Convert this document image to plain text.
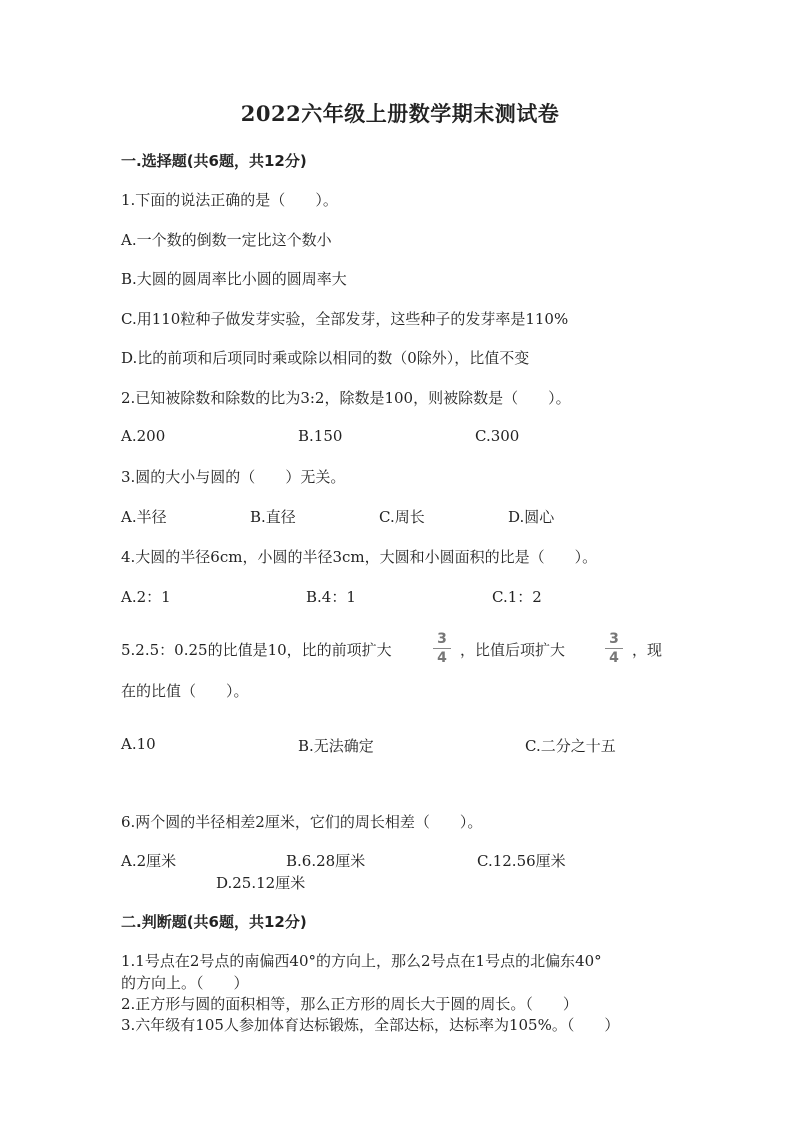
2022六年级上册数学期末测试卷
一.选择题(共6题，共12分)
1.下面的说法正确的是（　　）。
A.一个数的倒数一定比这个数小
B.大圆的圆周率比小圆的圆周率大
C.用110粒种子做发芽实验，全部发芽，这些种子的发芽率是110%
D.比的前项和后项同时乘或除以相同的数（0除外），比值不变
2.已知被除数和除数的比为3:2，除数是100，则被除数是（　　）。
A.200	B.150	C.300
3.圆的大小与圆的（　　）无关。
A.半径	B.直径	C.周长	D.圆心
4.大圆的半径6cm，小圆的半径3cm，大圆和小圆面积的比是（　　）。
A.2：1	B.4：1	C.1：2
5.2.5：0.25的比值是10，比的前项扩大
3
4 ，比值后项扩大
3
4 ，现
在的比值（　　）。
A.10	B.无法确定	C.二分之十五
6.两个圆的半径相差2厘米，它们的周长相差（　　）。
A.2厘米	B.6.28厘米	C.12.56厘米
D.25.12厘米
二.判断题(共6题，共12分)
1.1号点在2号点的南偏西40°的方向上，那么2号点在1号点的北偏东40°
的方向上。（　　）
2.正方形与圆的面积相等，那么正方形的周长大于圆的周长。（　　）
3.六年级有105人参加体育达标锻炼，全部达标，达标率为105%。（　　）
